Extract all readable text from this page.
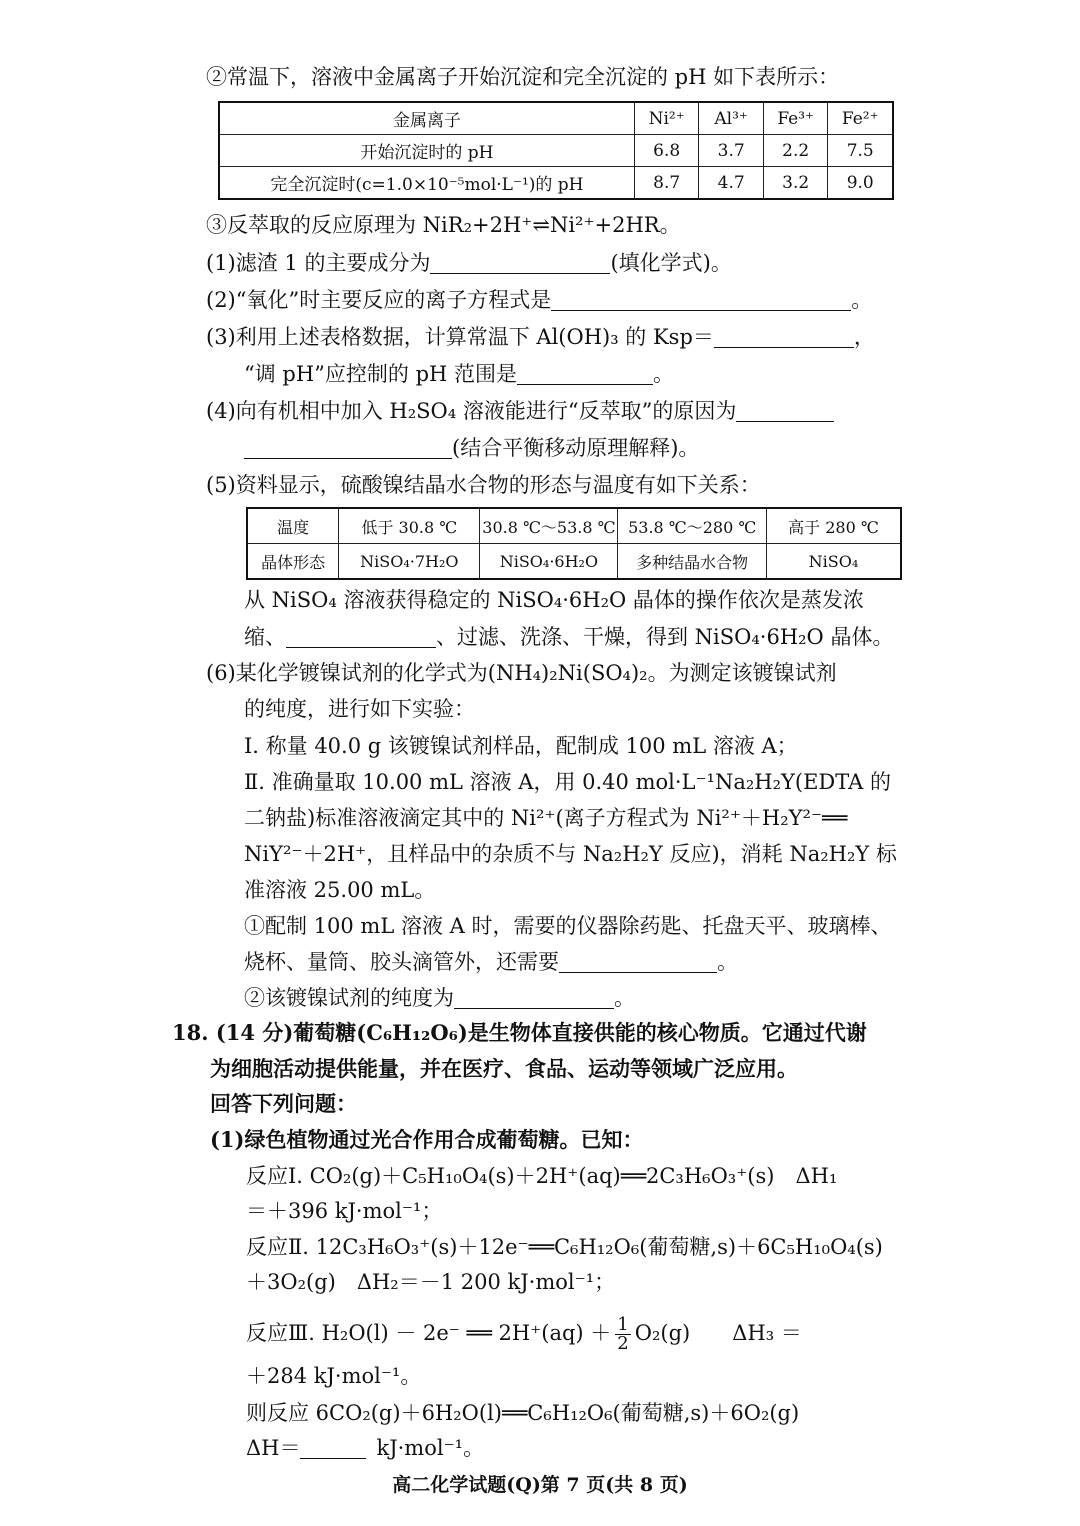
②常温下，溶液中金属离子开始沉淀和完全沉淀的 pH 如下表所示：
金属离子	Ni²⁺	Al³⁺	Fe³⁺	Fe²⁺
开始沉淀时的 pH	6.8	3.7	2.2	7.5
完全沉淀时(c=1.0×10⁻⁵mol·L⁻¹)的 pH	8.7	4.7	3.2	9.0
③反萃取的反应原理为 NiR₂+2H⁺⇌Ni²⁺+2HR。
(1)滤渣 1 的主要成分为	(填化学式)。
(2)“氧化”时主要反应的离子方程式是	。
(3)利用上述表格数据，计算常温下 Al(OH)₃ 的 Ksp＝	，
“调 pH”应控制的 pH 范围是	。
(4)向有机相中加入 H₂SO₄ 溶液能进行“反萃取”的原因为
(结合平衡移动原理解释)。
(5)资料显示，硫酸镍结晶水合物的形态与温度有如下关系：
温度	低于 30.8 ℃	30.8 ℃～53.8 ℃	53.8 ℃～280 ℃	高于 280 ℃
晶体形态	NiSO₄·7H₂O	NiSO₄·6H₂O	多种结晶水合物	NiSO₄
从 NiSO₄ 溶液获得稳定的 NiSO₄·6H₂O 晶体的操作依次是蒸发浓
缩、	、过滤、洗涤、干燥，得到 NiSO₄·6H₂O 晶体。
(6)某化学镀镍试剂的化学式为(NH₄)₂Ni(SO₄)₂。为测定该镀镍试剂
的纯度，进行如下实验：
Ⅰ. 称量 40.0 g 该镀镍试剂样品，配制成 100 mL 溶液 A；
Ⅱ. 准确量取 10.00 mL 溶液 A，用 0.40 mol·L⁻¹Na₂H₂Y(EDTA 的
二钠盐)标准溶液滴定其中的 Ni²⁺(离子方程式为 Ni²⁺＋H₂Y²⁻══
NiY²⁻＋2H⁺，且样品中的杂质不与 Na₂H₂Y 反应)，消耗 Na₂H₂Y 标
准溶液 25.00 mL。
①配制 100 mL 溶液 A 时，需要的仪器除药匙、托盘天平、玻璃棒、
烧杯、量筒、胶头滴管外，还需要	。
②该镀镍试剂的纯度为	。
18. (14 分)葡萄糖(C₆H₁₂O₆)是生物体直接供能的核心物质。它通过代谢
为细胞活动提供能量，并在医疗、食品、运动等领域广泛应用。
回答下列问题：
(1)绿色植物通过光合作用合成葡萄糖。已知：
反应Ⅰ. CO₂(g)＋C₅H₁₀O₄(s)＋2H⁺(aq)══2C₃H₆O₃⁺(s)　ΔH₁
＝＋396 kJ·mol⁻¹；
反应Ⅱ. 12C₃H₆O₃⁺(s)＋12e⁻══C₆H₁₂O₆(葡萄糖,s)＋6C₅H₁₀O₄(s)
＋3O₂(g)　ΔH₂＝－1 200 kJ·mol⁻¹；
反应Ⅲ. H₂O(l) － 2e⁻ ══ $2H^+(aq) + \frac{1}{2} O_2(g)$　　ΔH₃ ＝
＋284 kJ·mol⁻¹。
则反应 6CO₂(g)＋6H₂O(l)══C₆H₁₂O₆(葡萄糖,s)＋6O₂(g)
ΔH＝	kJ·mol⁻¹。
高二化学试题(Q)第 7 页(共 8 页)
